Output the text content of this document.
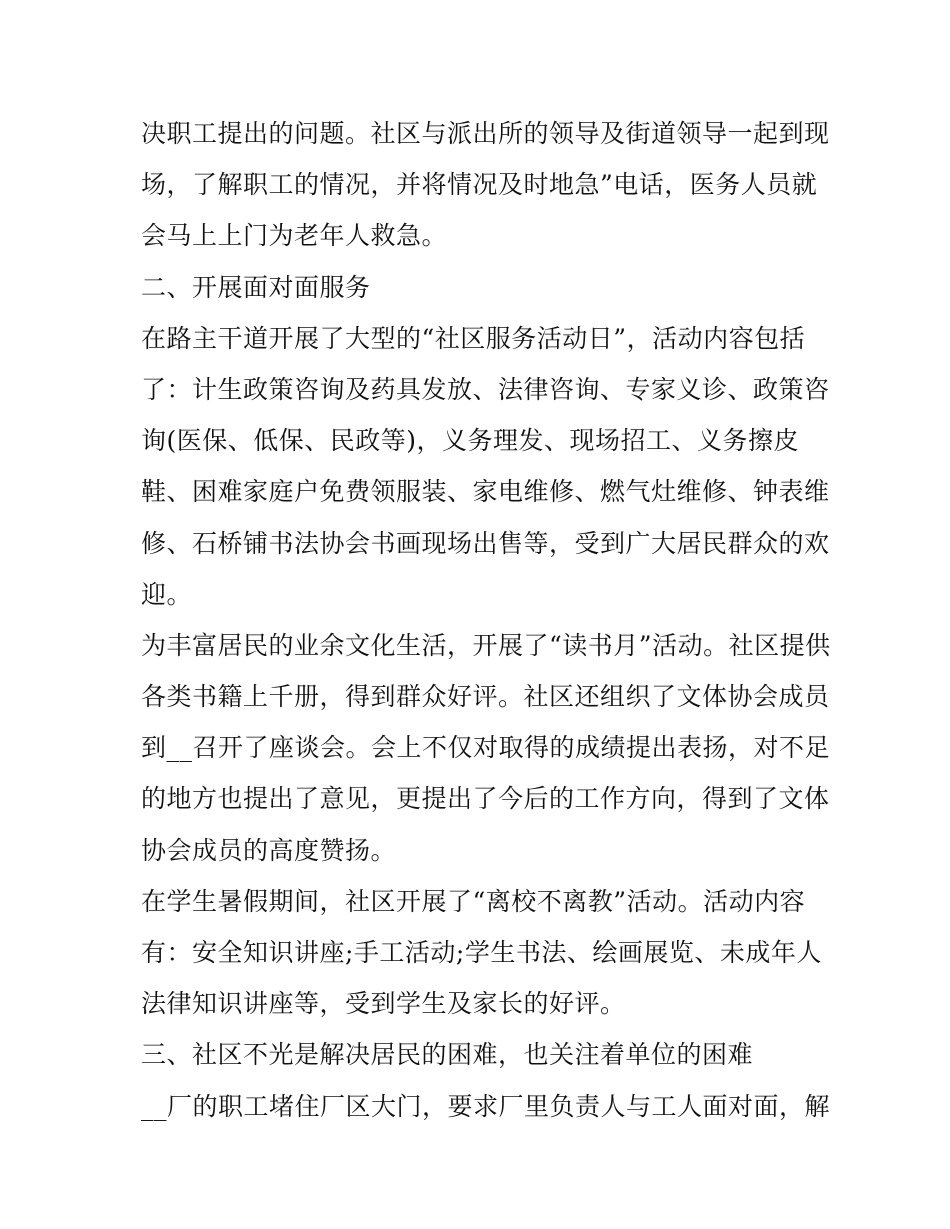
决职工提出的问题。社区与派出所的领导及街道领导一起到现
场，了解职工的情况，并将情况及时地急”电话，医务人员就
会马上上门为老年人救急。
二、开展面对面服务
在路主干道开展了大型的“社区服务活动日”，活动内容包括
了：计生政策咨询及药具发放、法律咨询、专家义诊、政策咨
询(医保、低保、民政等)，义务理发、现场招工、义务擦皮
鞋、困难家庭户免费领服装、家电维修、燃气灶维修、钟表维
修、石桥铺书法协会书画现场出售等，受到广大居民群众的欢
迎。
为丰富居民的业余文化生活，开展了“读书月”活动。社区提供
各类书籍上千册，得到群众好评。社区还组织了文体协会成员
到__召开了座谈会。会上不仅对取得的成绩提出表扬，对不足
的地方也提出了意见，更提出了今后的工作方向，得到了文体
协会成员的高度赞扬。
在学生暑假期间，社区开展了“离校不离教”活动。活动内容
有：安全知识讲座;手工活动;学生书法、绘画展览、未成年人
法律知识讲座等，受到学生及家长的好评。
三、社区不光是解决居民的困难，也关注着单位的困难
__厂的职工堵住厂区大门，要求厂里负责人与工人面对面，解
